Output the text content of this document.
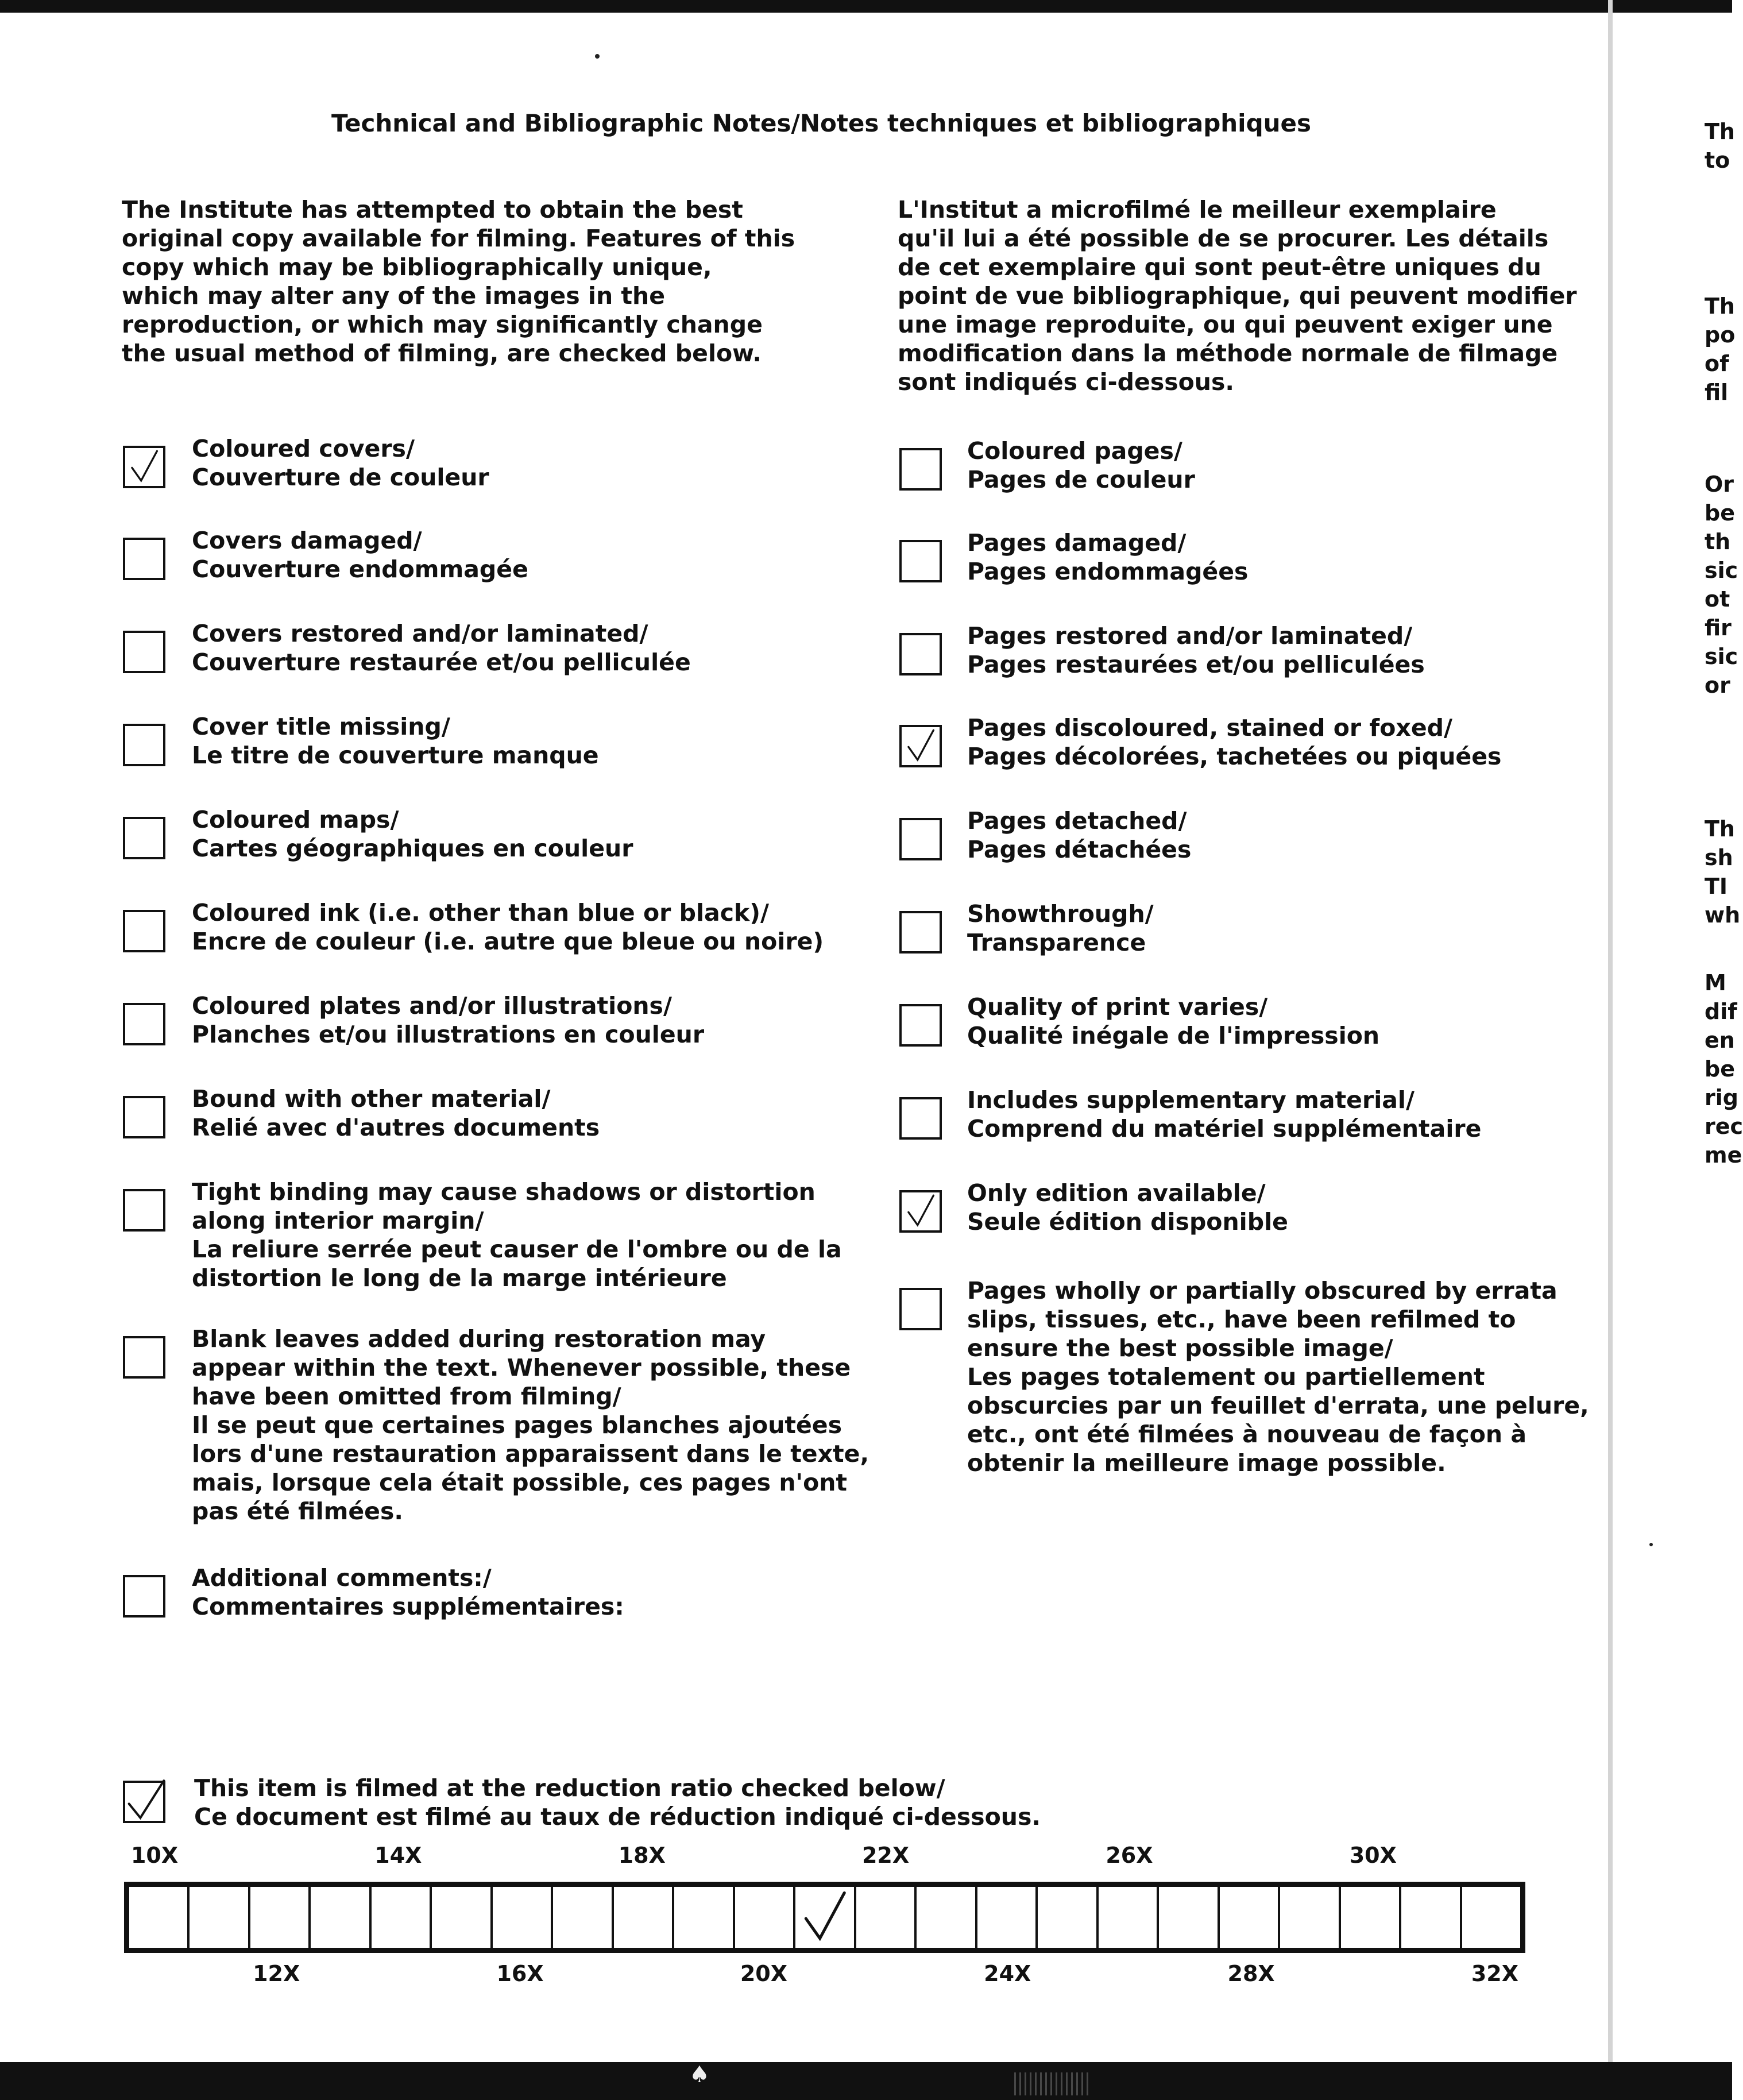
Technical and Bibliographic Notes/Notes techniques et bibliographiques
The Institute has attempted to obtain the best
original copy available for filming. Features of this
copy which may be bibliographically unique,
which may alter any of the images in the
reproduction, or which may significantly change
the usual method of filming, are checked below.
L'Institut a microfilmé le meilleur exemplaire
qu'il lui a été possible de se procurer. Les détails
de cet exemplaire qui sont peut-être uniques du
point de vue bibliographique, qui peuvent modifier
une image reproduite, ou qui peuvent exiger une
modification dans la méthode normale de filmage
sont indiqués ci-dessous.
Coloured covers/
Couverture de couleur
Covers damaged/
Couverture endommagée
Covers restored and/or laminated/
Couverture restaurée et/ou pelliculée
Cover title missing/
Le titre de couverture manque
Coloured maps/
Cartes géographiques en couleur
Coloured ink (i.e. other than blue or black)/
Encre de couleur (i.e. autre que bleue ou noire)
Coloured plates and/or illustrations/
Planches et/ou illustrations en couleur
Bound with other material/
Relié avec d'autres documents
Tight binding may cause shadows or distortion
along interior margin/
La reliure serrée peut causer de l'ombre ou de la
distortion le long de la marge intérieure
Blank leaves added during restoration may
appear within the text. Whenever possible, these
have been omitted from filming/
Il se peut que certaines pages blanches ajoutées
lors d'une restauration apparaissent dans le texte,
mais, lorsque cela était possible, ces pages n'ont
pas été filmées.
Additional comments:/
Commentaires supplémentaires:
Coloured pages/
Pages de couleur
Pages damaged/
Pages endommagées
Pages restored and/or laminated/
Pages restaurées et/ou pelliculées
Pages discoloured, stained or foxed/
Pages décolorées, tachetées ou piquées
Pages detached/
Pages détachées
Showthrough/
Transparence
Quality of print varies/
Qualité inégale de l'impression
Includes supplementary material/
Comprend du matériel supplémentaire
Only edition available/
Seule édition disponible
Pages wholly or partially obscured by errata
slips, tissues, etc., have been refilmed to
ensure the best possible image/
Les pages totalement ou partiellement
obscurcies par un feuillet d'errata, une pelure,
etc., ont été filmées à nouveau de façon à
obtenir la meilleure image possible.
This item is filmed at the reduction ratio checked below/
Ce document est filmé au taux de réduction indiqué ci-dessous.
10X	14X	18X	22X	26X	30X
12X	16X	20X	24X	28X	32X
Th
to
Th
po
of
fil
Or
be
th
sic
ot
fir
sic
or
Th
sh
TI
wh
M
dif
en
be
rig
rec
me
♠
